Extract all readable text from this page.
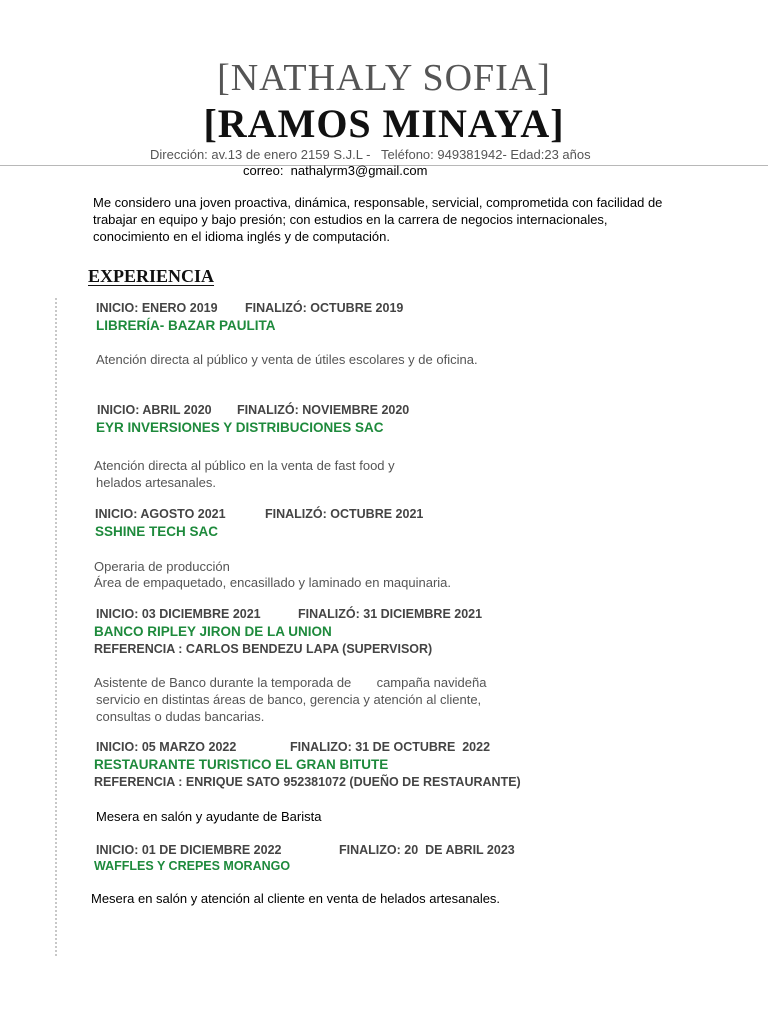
[NATHALY SOFIA]
[RAMOS MINAYA]
Dirección: av.13 de enero 2159 S.J.L -   Teléfono: 949381942- Edad:23 años
correo:  nathalyrm3@gmail.com
Me considero una joven proactiva, dinámica, responsable, servicial, comprometida con facilidad de
trabajar en equipo y bajo presión; con estudios en la carrera de negocios internacionales,
conocimiento en el idioma inglés y de computación.
EXPERIENCIA
INICIO: ENERO 2019 FINALIZÓ: OCTUBRE 2019
LIBRERÍA- BAZAR PAULITA
Atención directa al público y venta de útiles escolares y de oficina.
INICIO: ABRIL 2020 FINALIZÓ: NOVIEMBRE 2020
EYR INVERSIONES Y DISTRIBUCIONES SAC
Atención directa al público en la venta de fast food y
helados artesanales.
INICIO: AGOSTO 2021	FINALIZÓ: OCTUBRE 2021
SSHINE TECH SAC
Operaria de producción
Área de empaquetado, encasillado y laminado en maquinaria.
INICIO: 03 DICIEMBRE 2021	FINALIZÓ: 31 DICIEMBRE 2021
BANCO RIPLEY JIRON DE LA UNION
REFERENCIA : CARLOS BENDEZU LAPA (SUPERVISOR)
Asistente de Banco durante la temporada de       campaña navideña
servicio en distintas áreas de banco, gerencia y atención al cliente,
consultas o dudas bancarias.
INICIO: 05 MARZO 2022	FINALIZO: 31 DE OCTUBRE  2022
RESTAURANTE TURISTICO EL GRAN BITUTE
REFERENCIA : ENRIQUE SATO 952381072 (DUEÑO DE RESTAURANTE)
Mesera en salón y ayudante de Barista
INICIO: 01 DE DICIEMBRE 2022	FINALIZO: 20  DE ABRIL 2023
WAFFLES Y CREPES MORANGO
Mesera en salón y atención al cliente en venta de helados artesanales.
